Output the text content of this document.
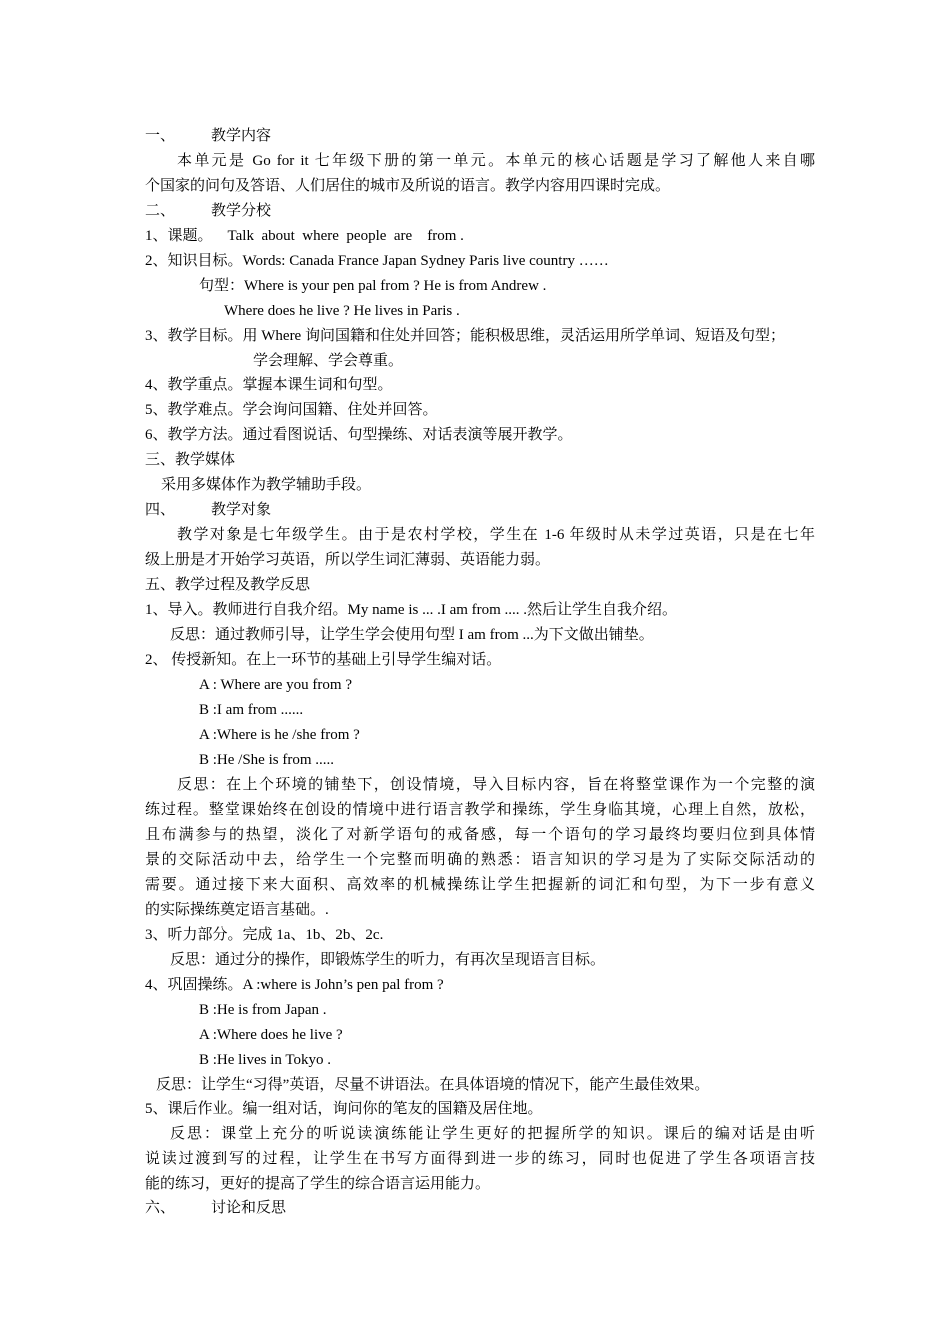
一、 教学内容
本单元是 Go for it 七年级下册的第一单元。本单元的核心话题是学习了解他人来自哪
个国家的问句及答语、人们居住的城市及所说的语言。教学内容用四课时完成。
二、 教学分校
1、课题。    Talk  about  where  people  are    from .
2、知识目标。Words: Canada France Japan Sydney Paris live country ……
句型：Where is your pen pal from ? He is from Andrew .
Where does he live ? He lives in Paris .
3、教学目标。用 Where 询问国籍和住处并回答；能积极思维，灵活运用所学单词、短语及句型；
学会理解、学会尊重。
4、教学重点。掌握本课生词和句型。
5、教学难点。学会询问国籍、住处并回答。
6、教学方法。通过看图说话、句型操练、对话表演等展开教学。
三、教学媒体
采用多媒体作为教学辅助手段。
四、 教学对象
教学对象是七年级学生。由于是农村学校，学生在 1-6 年级时从未学过英语，只是在七年
级上册是才开始学习英语，所以学生词汇薄弱、英语能力弱。
五、教学过程及教学反思
1、导入。教师进行自我介绍。My name is ... .I am from .... .然后让学生自我介绍。
反思：通过教师引导，让学生学会使用句型 I am from ...为下文做出铺垫。
2、 传授新知。在上一环节的基础上引导学生编对话。
A : Where are you from ?
B :I am from ......
A :Where is he /she from ?
B :He /She is from .....
反思：在上个环境的铺垫下，创设情境，导入目标内容，旨在将整堂课作为一个完整的演
练过程。整堂课始终在创设的情境中进行语言教学和操练，学生身临其境，心理上自然，放松，
且布满参与的热望，淡化了对新学语句的戒备感，每一个语句的学习最终均要归位到具体情
景的交际活动中去，给学生一个完整而明确的熟悉：语言知识的学习是为了实际交际活动的
需要。通过接下来大面积、高效率的机械操练让学生把握新的词汇和句型，为下一步有意义
的实际操练奠定语言基础。.
3、听力部分。完成 1a、1b、2b、2c.
反思：通过分的操作，即锻炼学生的听力，有再次呈现语言目标。
4、巩固操练。A :where is John’s pen pal from ?
B :He is from Japan .
A :Where does he live ?
B :He lives in Tokyo .
反思：让学生“习得”英语，尽量不讲语法。在具体语境的情况下，能产生最佳效果。
5、课后作业。编一组对话，询问你的笔友的国籍及居住地。
反思：课堂上充分的听说读演练能让学生更好的把握所学的知识。课后的编对话是由听
说读过渡到写的过程，让学生在书写方面得到进一步的练习，同时也促进了学生各项语言技
能的练习，更好的提高了学生的综合语言运用能力。
六、 讨论和反思
